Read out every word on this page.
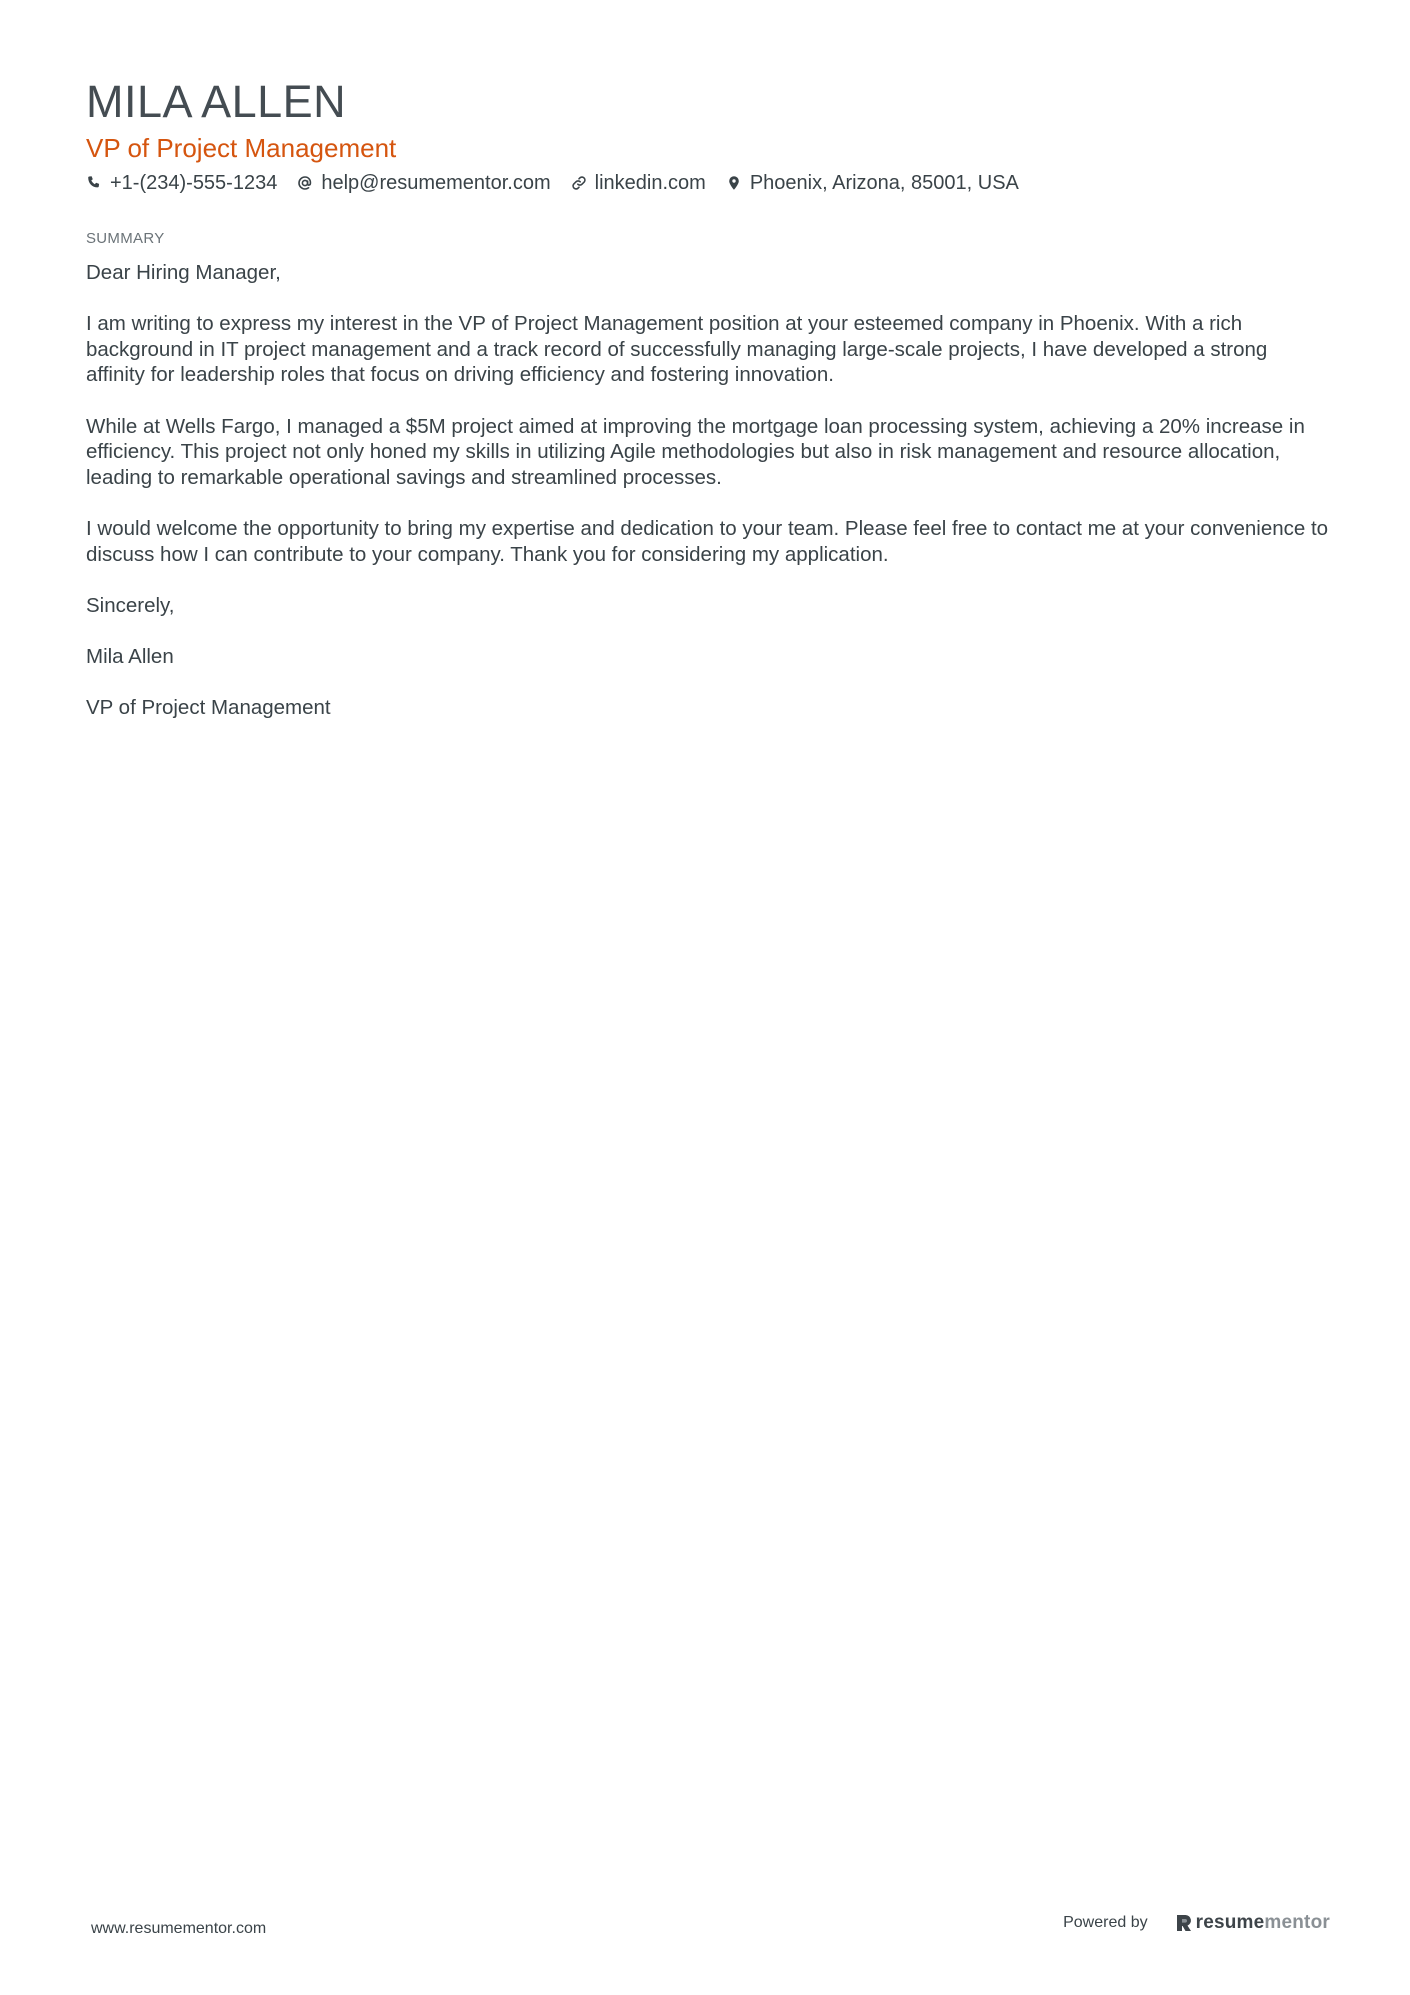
MILA ALLEN
VP of Project Management
+1-(234)-555-1234 help@resumementor.com linkedin.com Phoenix, Arizona, 85001, USA
SUMMARY

Dear Hiring Manager,

I am writing to express my interest in the VP of Project Management position at your esteemed company in Phoenix. With a rich background in IT project management and a track record of successfully managing large-scale projects, I have developed a strong affinity for leadership roles that focus on driving efficiency and fostering innovation.

While at Wells Fargo, I managed a $5M project aimed at improving the mortgage loan processing system, achieving a 20% increase in efficiency. This project not only honed my skills in utilizing Agile methodologies but also in risk management and resource allocation, leading to remarkable operational savings and streamlined processes.

I would welcome the opportunity to bring my expertise and dedication to your team. Please feel free to contact me at your convenience to discuss how I can contribute to your company. Thank you for considering my application.

Sincerely,

Mila Allen

VP of Project Management

www.resumementor.com	Powered by	resume mentor
